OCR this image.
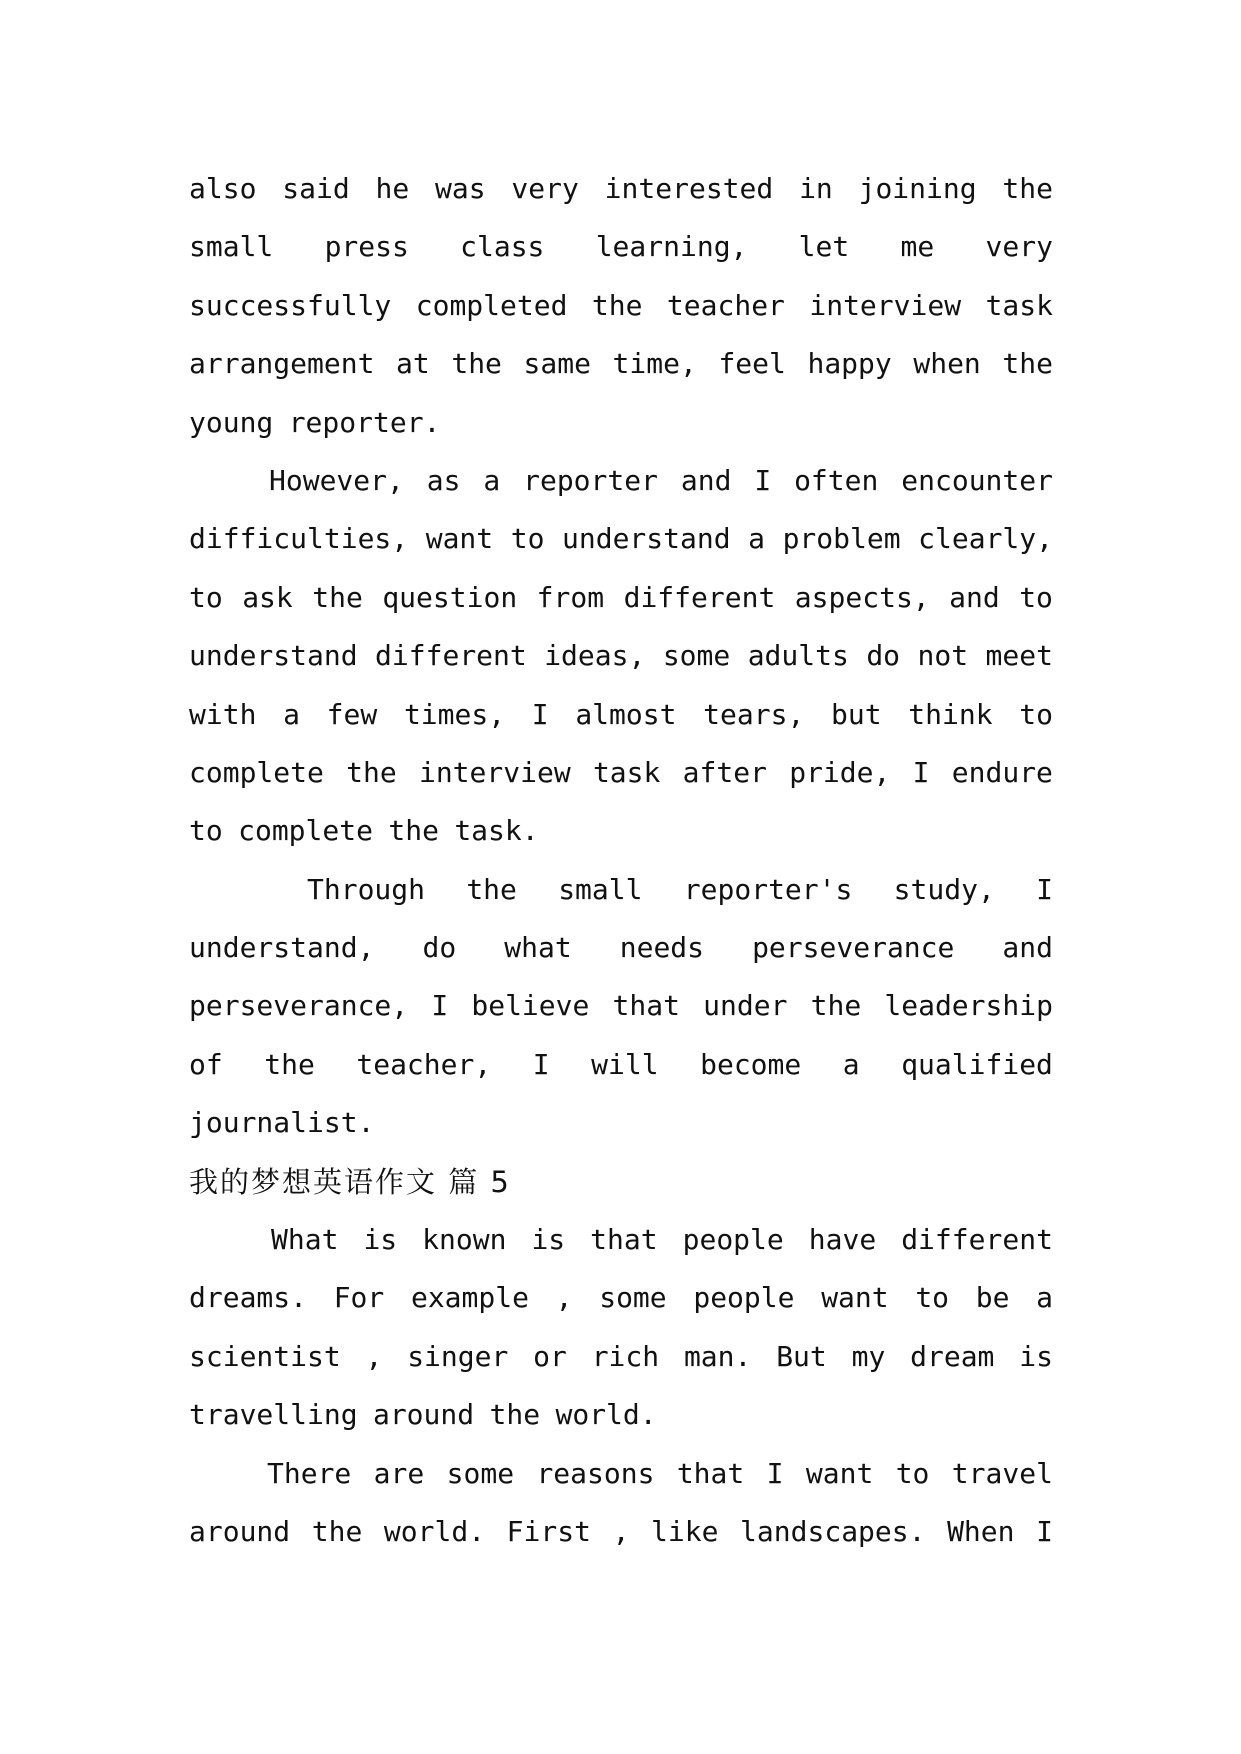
also said he was very interested in joining the
small press class learning, let me very
successfully completed the teacher interview task
arrangement at the same time, feel happy when the
young reporter.
However, as a reporter and I often encounter
difficulties, want to understand a problem clearly,
to ask the question from different aspects, and to
understand different ideas, some adults do not meet
with a few times, I almost tears, but think to
complete the interview task after pride, I endure
to complete the task.
Through the small reporter's study, I
understand, do what needs perseverance and
perseverance, I believe that under the leadership
of the teacher, I will become a qualified
journalist.
我的梦想英语作文 篇 5
What is known is that people have different
dreams. For example , some people want to be a
scientist , singer or rich man. But my dream is
travelling around the world.
There are some reasons that I want to travel
around the world. First , like landscapes. When I
